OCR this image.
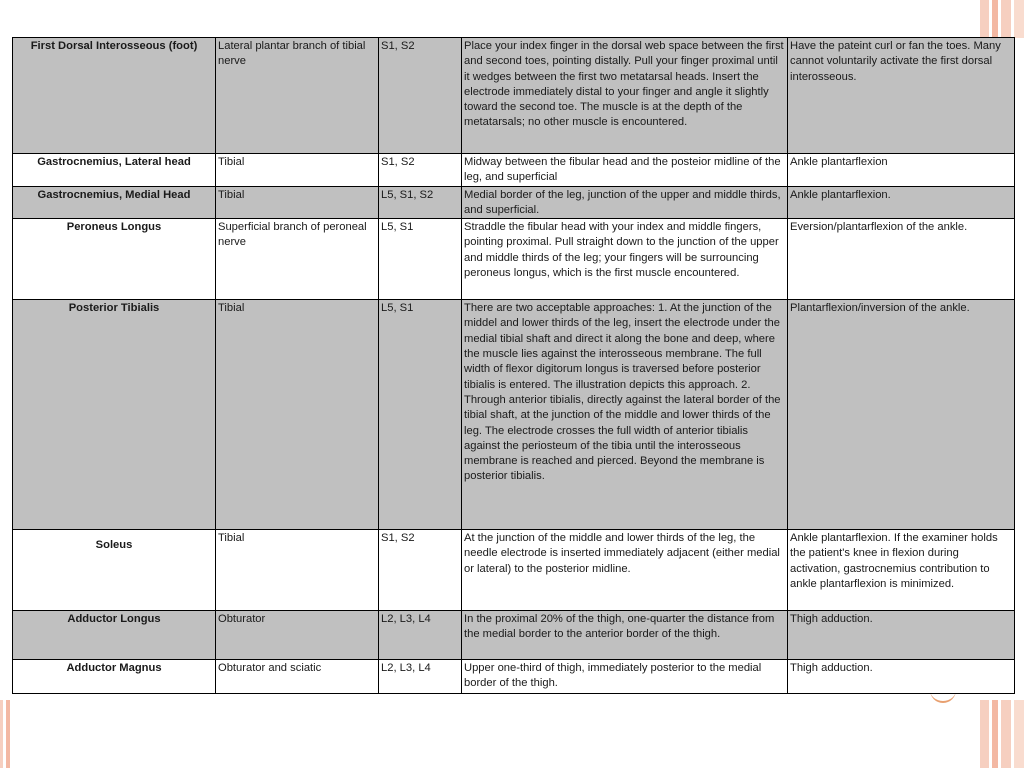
First Dorsal Interosseous (foot)	Lateral plantar branch of tibial nerve	S1, S2	Place your index finger in the dorsal web space between the first and second toes, pointing distally. Pull your finger proximal until it wedges between the first two metatarsal heads. Insert the electrode immediately distal to your finger and angle it slightly toward the second toe. The muscle is at the depth of the metatarsals; no other muscle is encountered.	Have the pateint curl or fan the toes. Many cannot voluntarily activate the first dorsal interosseous.
Gastrocnemius, Lateral head	Tibial	S1, S2	Midway between the fibular head and the posteior midline of the leg, and superficial	Ankle plantarflexion
Gastrocnemius, Medial Head	Tibial	L5, S1, S2	Medial border of the leg, junction of the upper and middle thirds, and superficial.	Ankle plantarflexion.
Peroneus Longus	Superficial branch of peroneal nerve	L5, S1	Straddle the fibular head with your index and middle fingers, pointing proximal. Pull straight down to the junction of the upper and middle thirds of the leg; your fingers will be surrouncing peroneus longus, which is the first muscle encountered.	Eversion/plantarflexion of the ankle.
Posterior Tibialis	Tibial	L5, S1	There are two acceptable approaches: 1. At the junction of the middel and lower thirds of the leg, insert the electrode under the medial tibial shaft and direct it along the bone and deep, where the muscle lies against the interosseous membrane. The full width of flexor digitorum longus is traversed before posterior tibialis is entered. The illustration depicts this approach. 2. Through anterior tibialis, directly against the lateral border of the tibial shaft, at the junction of the middle and lower thirds of the leg. The electrode crosses the full width of anterior tibialis against the periosteum of the tibia until the interosseous membrane is reached and pierced. Beyond the membrane is posterior tibialis.	Plantarflexion/inversion of the ankle.
Soleus	Tibial	S1, S2	At the junction of the middle and lower thirds of the leg, the needle electrode is inserted immediately adjacent (either medial or lateral) to the posterior midline.	Ankle plantarflexion. If the examiner holds the patient's knee in flexion during activation, gastrocnemius contribution to ankle plantarflexion is minimized.
Adductor Longus	Obturator	L2, L3, L4	In the proximal 20% of the thigh, one-quarter the distance from the medial border to the anterior border of the thigh.	Thigh adduction.
Adductor Magnus	Obturator and sciatic	L2, L3, L4	Upper one-third of thigh, immediately posterior to the medial border of the thigh.	Thigh adduction.
